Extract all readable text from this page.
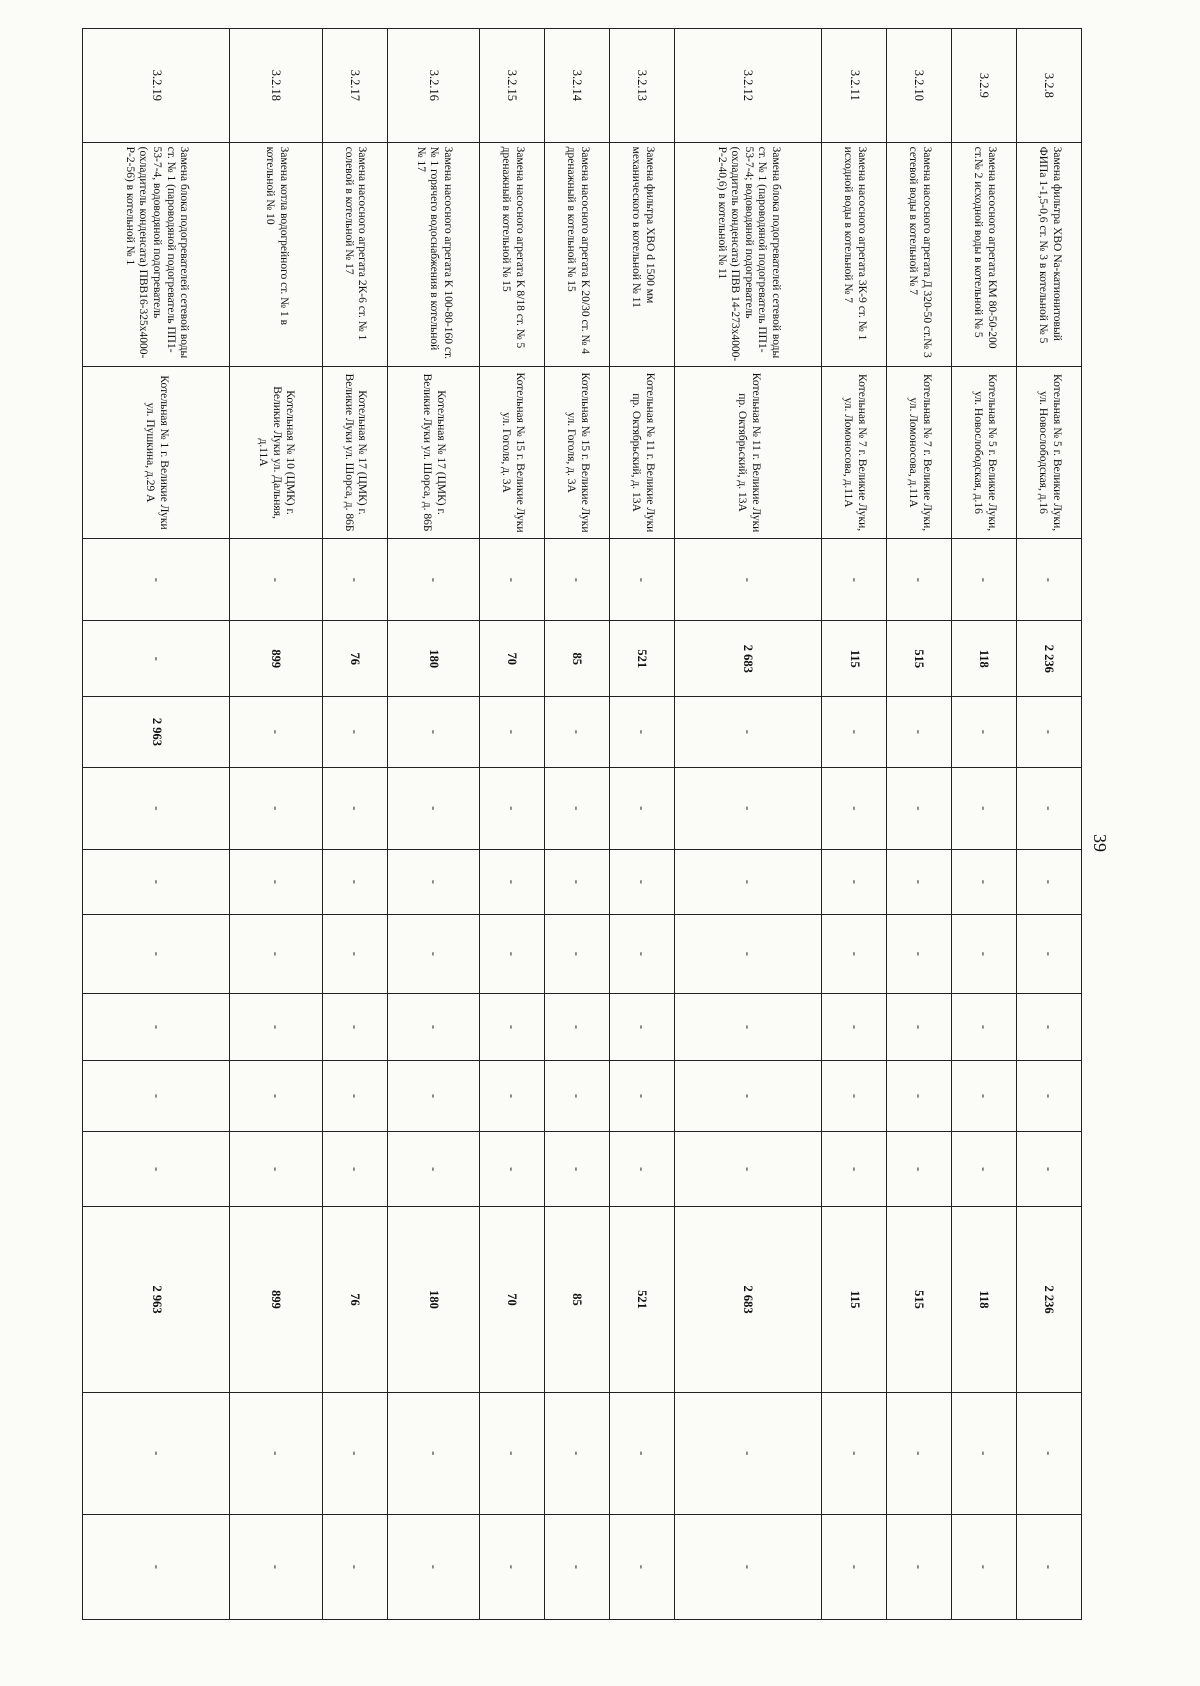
39
3.2.8	Замена фильтра ХВО Na-катионитовый ФИПа 1-1,5-0,6 ст. № 3 в котельной № 5	Котельная № 5 г. Великие Луки, ул. Новослободская, д.16	-	2 236	-	-	-	-	-	-	-	2 236	-	-
3.2.9	Замена насосного агрегата КМ 80-50-200 ст.№ 2 исходной воды в котельной № 5	Котельная № 5 г. Великие Луки, ул. Новослободская, д.16	-	118	-	-	-	-	-	-	-	118	-	-
3.2.10	Замена насосного агрегата Д 320-50 ст.№ 3 сетевой воды в котельной № 7	Котельная № 7 г. Великие Луки, ул. Ломоносова, д.11А	-	515	-	-	-	-	-	-	-	515	-	-
3.2.11	Замена насосного агрегата 3К-9 ст. № 1 исходной воды в котельной № 7	Котельная № 7 г. Великие Луки, ул. Ломоносова, д.11А	-	115	-	-	-	-	-	-	-	115	-	-
3.2.12	Замена блока подогревателей сетевой воды ст. № 1 (пароводяной подогреватель ПП1-53-7-4; водоводяной подогреватель (охладитель конденсата) ПВВ 14-273х4000-Р-2-40,6) в котельной № 11	Котельная № 11 г. Великие Луки пр. Октябрьский, д. 13А	-	2 683	-	-	-	-	-	-	-	2 683	-	-
3.2.13	Замена фильтра ХВО d 1500 мм механического в котельной № 11	Котельная № 11 г. Великие Луки пр. Октябрьский, д. 13А	-	521	-	-	-	-	-	-	-	521	-	-
3.2.14	Замена насосного агрегата К 20/30 ст. № 4 дренажный в котельной № 15	Котельная № 15 г. Великие Луки ул. Гоголя, д. 3А	-	85	-	-	-	-	-	-	-	85	-	-
3.2.15	Замена насосного агрегата К 8/18 ст. № 5 дренажный в котельной № 15	Котельная № 15 г. Великие Луки ул. Гоголя, д. 3А	-	70	-	-	-	-	-	-	-	70	-	-
3.2.16	Замена насосного агрегата К 100-80-160 ст. № 1 горячего водоснабжения в котельной № 17	Котельная № 17 (ЦМК) г. Великие Луки ул. Шорса, д. 86Б	-	180	-	-	-	-	-	-	-	180	-	-
3.2.17	Замена насосного агрегата 2К-6 ст. № 1 солевой в котельной № 17	Котельная № 17 (ЦМК) г. Великие Луки ул. Шорса, д. 86Б	-	76	-	-	-	-	-	-	-	76	-	-
3.2.18	Замена котла водогрейного ст. № 1 в котельной № 10	Котельная № 10 (ЦМК) г. Великие Луки ул. Дальняя, д.11А	-	899	-	-	-	-	-	-	-	899	-	-
3.2.19	Замена блока подогревателей сетевой воды ст. № 1 (пароводяной подогреватель ПП1-53-7-4, водоводяной подогреватель (охладитель конденсата) ПВВ16-325х4000-Р-2-56) в котельной № 1	Котельная № 1 г. Великие Луки ул. Пушкина, д.29 А	-	-	2 963	-	-	-	-	-	-	2 963	-	-
